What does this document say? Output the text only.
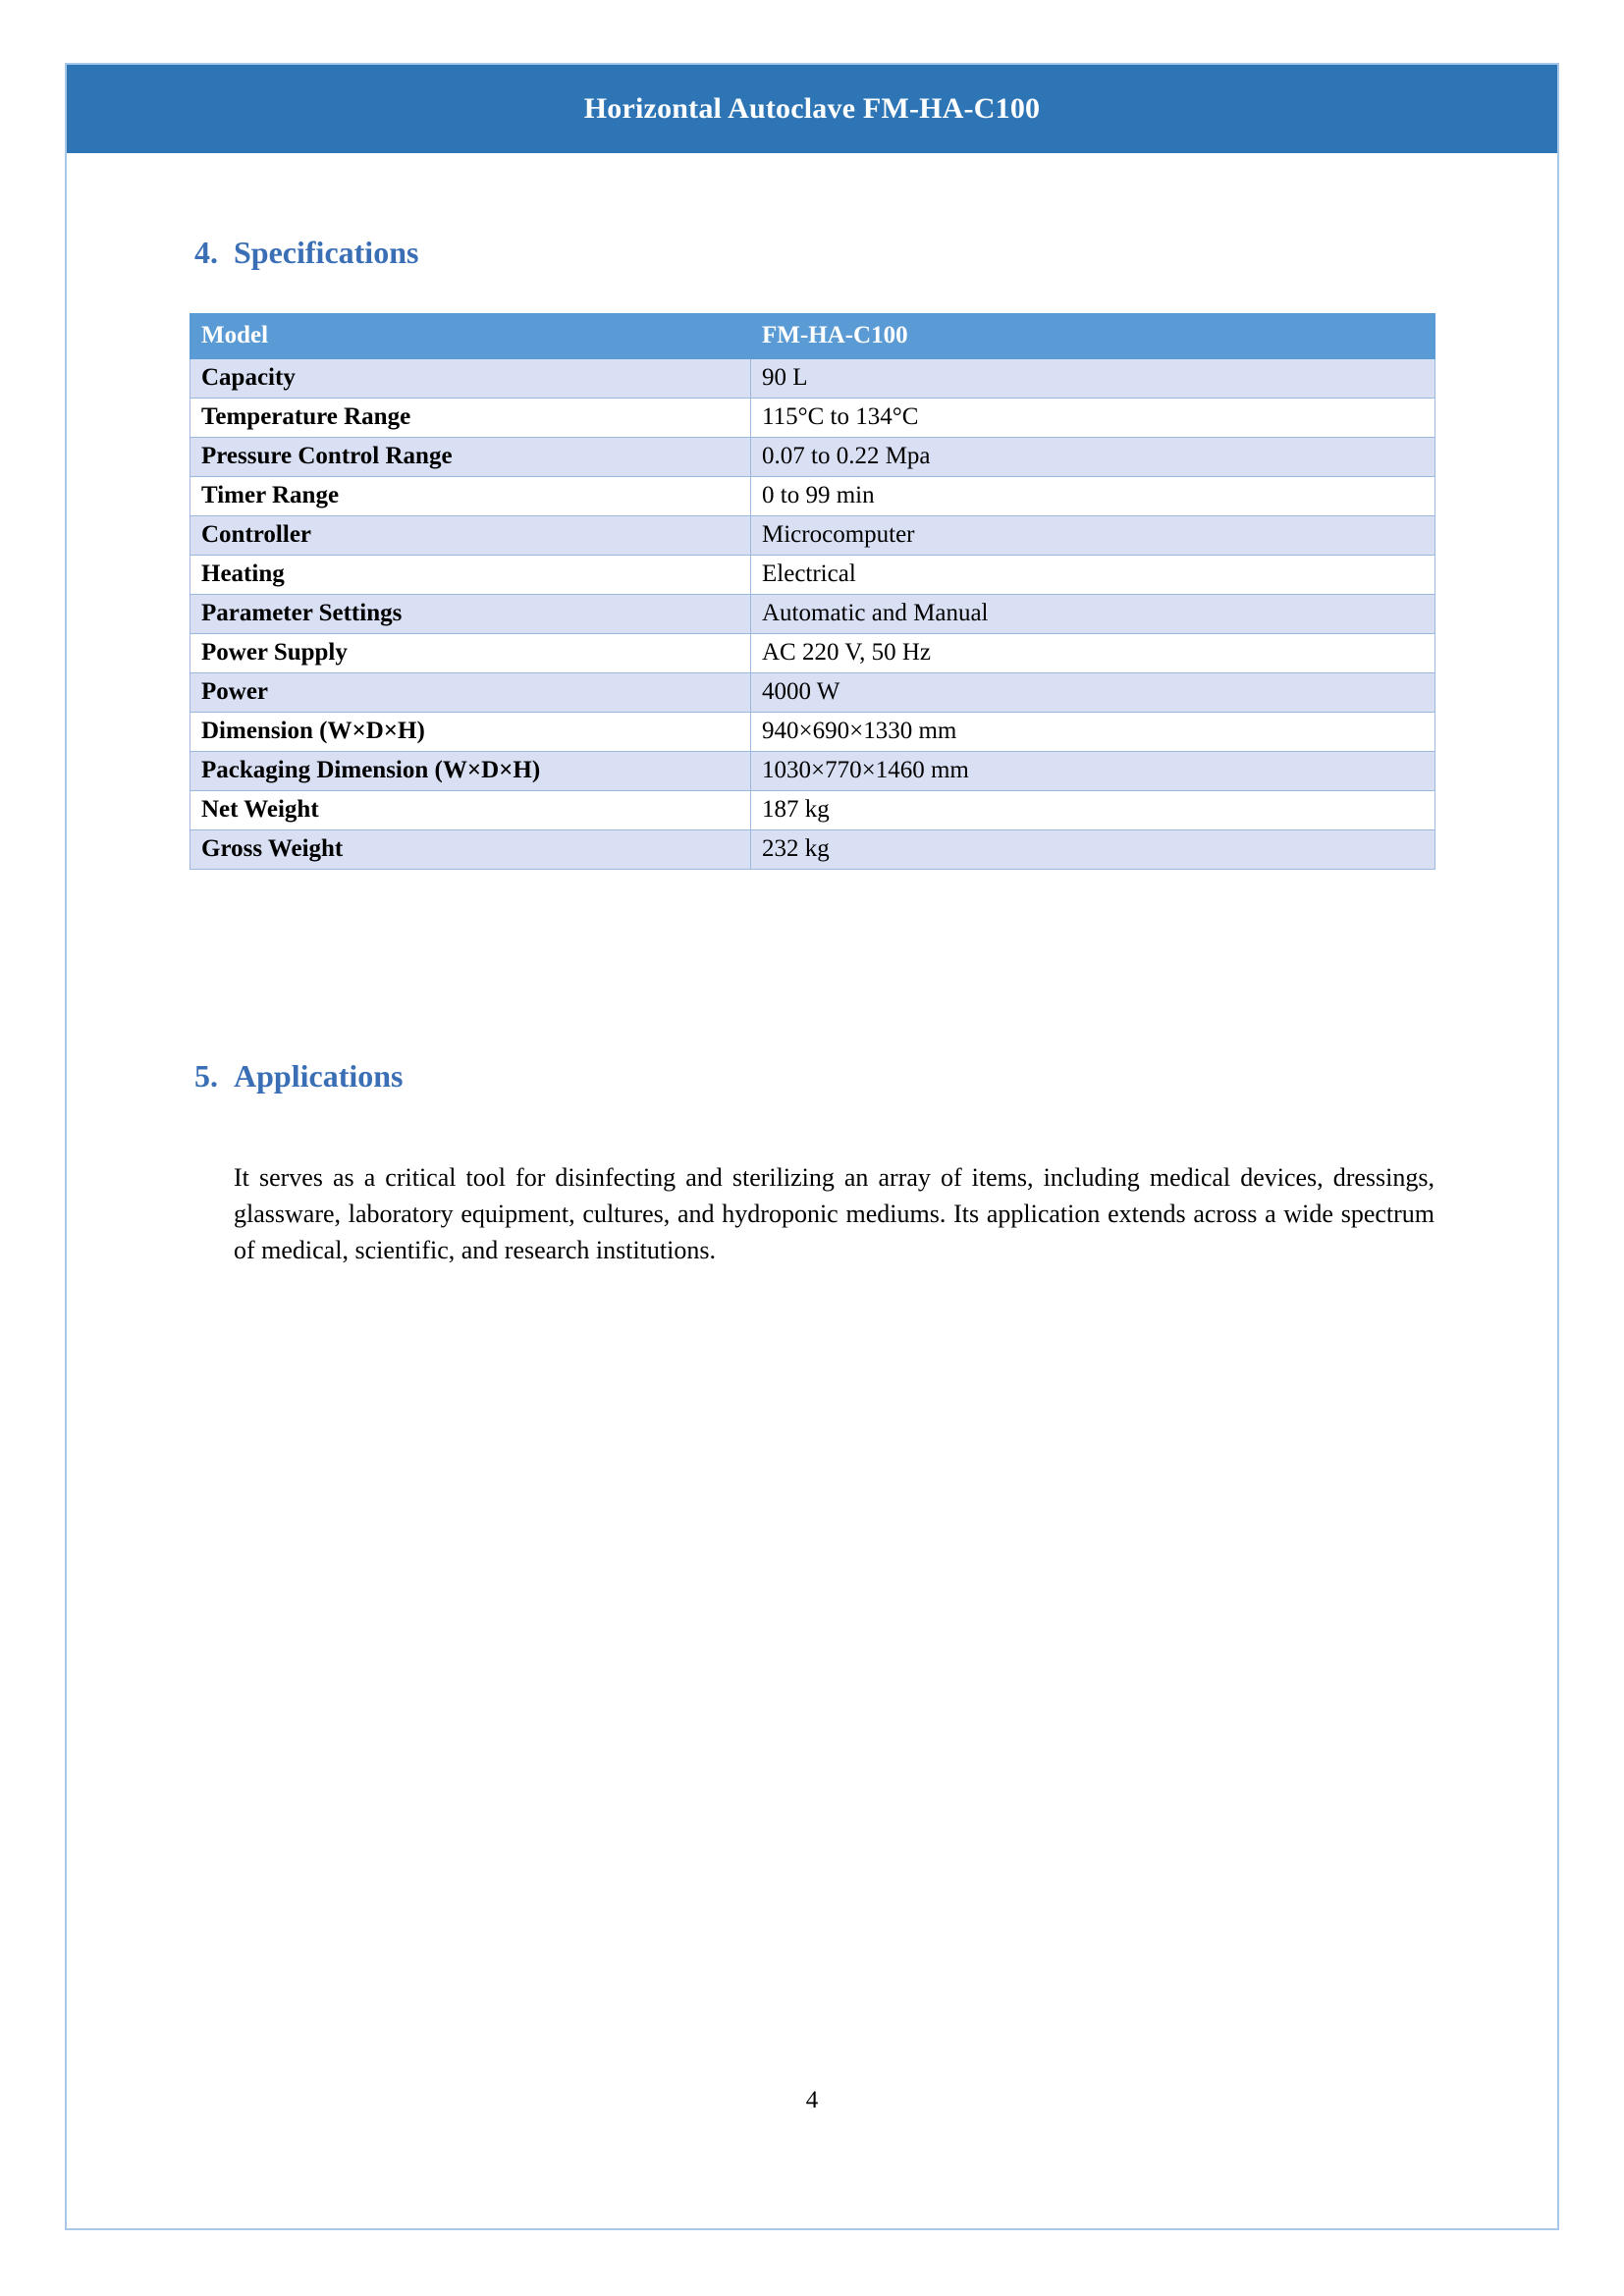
Horizontal Autoclave FM-HA-C100
4. Specifications
Model	FM-HA-C100
Capacity	90 L
Temperature Range	115°C to 134°C
Pressure Control Range	0.07 to 0.22 Mpa
Timer Range	0 to 99 min
Controller	Microcomputer
Heating	Electrical
Parameter Settings	Automatic and Manual
Power Supply	AC 220 V, 50 Hz
Power	4000 W
Dimension (W×D×H)	940×690×1330 mm
Packaging Dimension (W×D×H)	1030×770×1460 mm
Net Weight	187 kg
Gross Weight	232 kg
5. Applications

It serves as a critical tool for disinfecting and sterilizing an array of items, including medical devices, dressings, glassware, laboratory equipment, cultures, and hydroponic mediums. Its application extends across a wide spectrum of medical, scientific, and research institutions.

4
